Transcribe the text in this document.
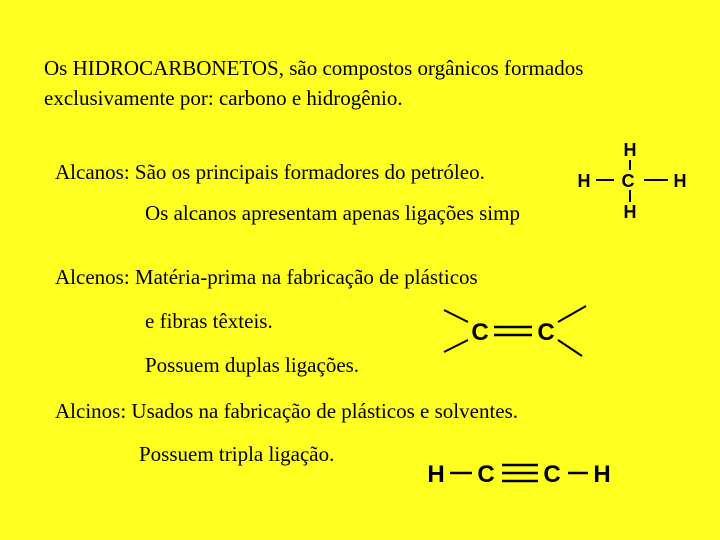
Os HIDROCARBONETOS, são compostos orgânicos formados
exclusivamente por: carbono e hidrogênio.
Alcanos: São os principais formadores do petróleo.
Os alcanos apresentam apenas ligações simp
Alcenos: Matéria-prima na fabricação de plásticos
e fibras têxteis.
Possuem duplas ligações.
Alcinos: Usados na fabricação de plásticos e solventes.
Possuem tripla ligação.
H
H C H
H
C C
H C C H
